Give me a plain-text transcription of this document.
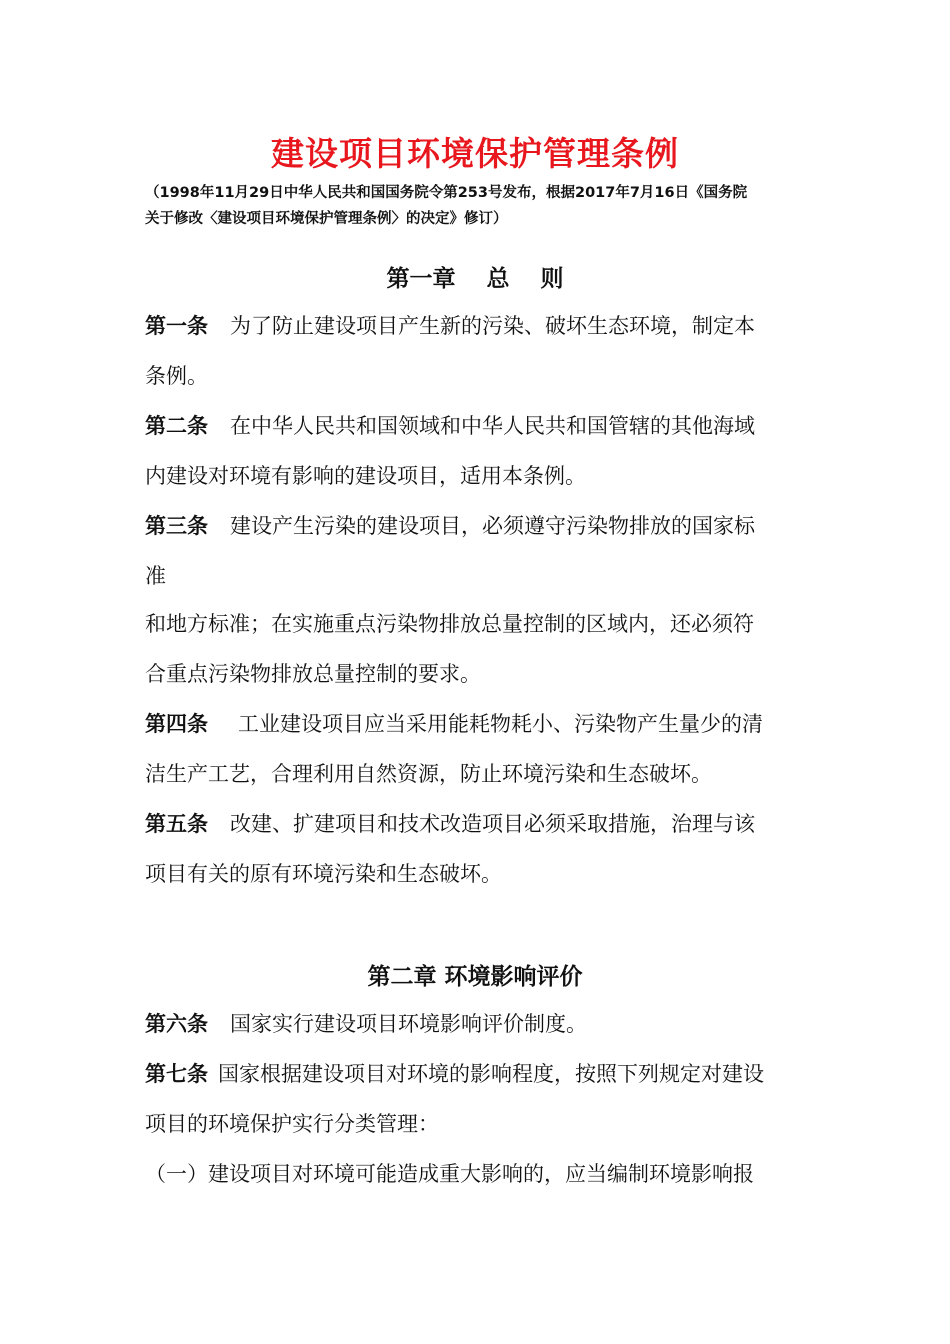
建设项目环境保护管理条例
（1998年11月29日中华人民共和国国务院令第253号发布，根据2017年7月16日《国务院
关于修改〈建设项目环境保护管理条例〉的决定》修订）
第一章　 总　 则
第一条 为了防止建设项目产生新的污染、破坏生态环境，制定本
条例。
第二条 在中华人民共和国领域和中华人民共和国管辖的其他海域
内建设对环境有影响的建设项目，适用本条例。
第三条 建设产生污染的建设项目，必须遵守污染物排放的国家标
准
和地方标准；在实施重点污染物排放总量控制的区域内，还必须符
合重点污染物排放总量控制的要求。
第四条 工业建设项目应当采用能耗物耗小、污染物产生量少的清
洁生产工艺，合理利用自然资源，防止环境污染和生态破坏。
第五条 改建、扩建项目和技术改造项目必须采取措施，治理与该
项目有关的原有环境污染和生态破坏。
第二章 环境影响评价
第六条 国家实行建设项目环境影响评价制度。
第七条 国家根据建设项目对环境的影响程度，按照下列规定对建设
项目的环境保护实行分类管理：
（一）建设项目对环境可能造成重大影响的，应当编制环境影响报
